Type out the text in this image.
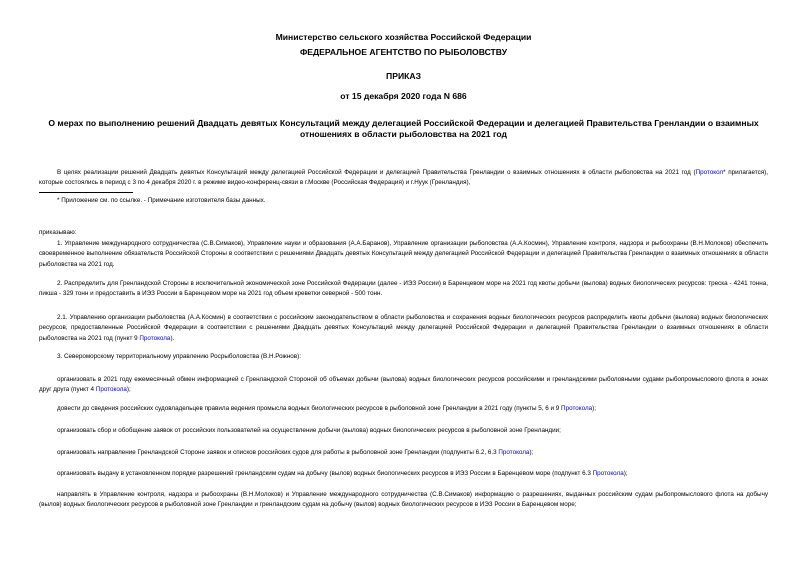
Министерство сельского хозяйства Российской Федерации
ФЕДЕРАЛЬНОЕ АГЕНТСТВО ПО РЫБОЛОВСТВУ
ПРИКАЗ
от 15 декабря 2020 года N 686
О мерах по выполнению решений Двадцать девятых Консультаций между делегацией Российской Федерации и делегацией Правительства Гренландии о взаимных отношениях в области рыболовства на 2021 год
В целях реализации решений Двадцать девятых Консультаций между делегацией Российской Федерации и делегацией Правительства Гренландии о взаимных отношениях в области рыболовства на 2021 год (Протокол* прилагается), которые состоялись в период с 3 по 4 декабря 2020 г. в режиме видео-конференц-связи в г.Москве (Российская Федерация) и г.Нуук (Гренландия),
* Приложение см. по ссылке. - Примечание изготовителя базы данных.
приказываю:
1. Управление международного сотрудничества (С.В.Симаков), Управление науки и образования (А.А.Баранов), Управление организации рыболовства (А.А.Космин), Управление контроля, надзора и рыбоохраны (В.Н.Молоков) обеспечить своевременное выполнение обязательств Российской Стороны в соответствии с решениями Двадцать девятых Консультаций между делегацией Российской Федерации и делегацией Правительства Гренландии о взаимных отношениях в области рыболовства на 2021 год.
2. Распределить для Гренландской Стороны в исключительной экономической зоне Российской Федерации (далее - ИЭЗ России) в Баренцевом море на 2021 год квоты добычи (вылова) водных биологических ресурсов: треска - 4241 тонна, пикша - 329 тонн и предоставить в ИЭЗ России в Баренцевом море на 2021 год объем креветки северной - 500 тонн.
2.1. Управлению организации рыболовства (А.А.Космин) в соответствии с российским законодательством в области рыболовства и сохранения водных биологических ресурсов распределить квоты добычи (вылова) водных биологических ресурсов, предоставленные Российской Федерации в соответствии с решениями Двадцать девятых Консультаций между делегацией Российской Федерации и делегацией Правительства Гренландии о взаимных отношениях в области рыболовства на 2021 год (пункт 9 Протокола).
3. Североморскому территориальному управлению Росрыболовства (В.Н.Рожнов):
организовать в 2021 году ежемесячный обмен информацией с Гренландской Стороной об объемах добычи (вылова) водных биологических ресурсов российскими и гренландскими рыболовными судами рыбопромыслового флота в зонах друг друга (пункт 4 Протокола);
довести до сведения российских судовладельцев правила ведения промысла водных биологических ресурсов в рыболовной зоне Гренландии в 2021 году (пункты 5, 6 и 9 Протокола);
организовать сбор и обобщение заявок от российских пользователей на осуществление добычи (вылова) водных биологических ресурсов в рыболовной зоне Гренландии;
организовать направление Гренландской Стороне заявок и списков российских судов для работы в рыболовной зоне Гренландии (подпункты 6.2, 6.3 Протокола);
организовать выдачу в установленном порядке разрешений гренландским судам на добычу (вылов) водных биологических ресурсов в ИЭЗ России в Баренцевом море (подпункт 6.3 Протокола);
направлять в Управление контроля, надзора и рыбоохраны (В.Н.Молоков) и Управление международного сотрудничества (С.В.Симаков) информацию о разрешениях, выданных российским судам рыбопромыслового флота на добычу (вылов) водных биологических ресурсов в рыболовной зоне Гренландии и гренландским судам на добычу (вылов) водных биологических ресурсов в ИЭЗ России в Баренцевом море;
